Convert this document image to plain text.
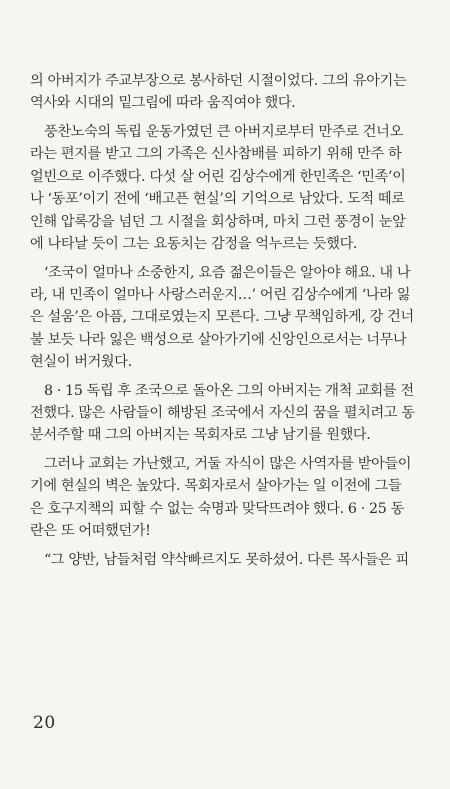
의 아버지가 주교부장으로 봉사하던 시절이었다. 그의 유아기는
역사와 시대의 밑그림에 따라 움직여야 했다.
풍찬노숙의 독립 운동가였던 큰 아버지로부터 만주로 건너오
라는 편지를 받고 그의 가족은 신사참배를 피하기 위해 만주 하
얼빈으로 이주했다. 다섯 살 어린 김상수에게 한민족은 ‘민족’이
나 ‘동포’이기 전에 ‘배고픈 현실’의 기억으로 남았다. 도적 떼로
인해 압록강을 넘던 그 시절을 회상하며, 마치 그런 풍경이 눈앞
에 나타날 듯이 그는 요동치는 감정을 억누르는 듯했다.
‘조국이 얼마나 소중한지, 요즘 젊은이들은 알아야 해요. 내 나
라, 내 민족이 얼마나 사랑스러운지…’ 어린 김상수에게 ‘나라 잃
은 설움’은 아픔, 그대로였는지 모른다. 그냥 무책임하게, 강 건너
불 보듯 나라 잃은 백성으로 살아가기에 신앙인으로서는 너무나
현실이 버거웠다.
8 · 15 독립 후 조국으로 돌아온 그의 아버지는 개척 교회를 전
전했다. 많은 사람들이 해방된 조국에서 자신의 꿈을 펼치려고 동
분서주할 때 그의 아버지는 목회자로 그냥 남기를 원했다.
그러나 교회는 가난했고, 거둘 자식이 많은 사역자를 받아들이
기에 현실의 벽은 높았다. 목회자로서 살아가는 일 이전에 그들
은 호구지책의 피할 수 없는 숙명과 맞닥뜨려야 했다. 6 · 25 동
란은 또 어떠했던가!
“그 양반, 남들처럼 약삭빠르지도 못하셨어. 다른 목사들은 피
20
